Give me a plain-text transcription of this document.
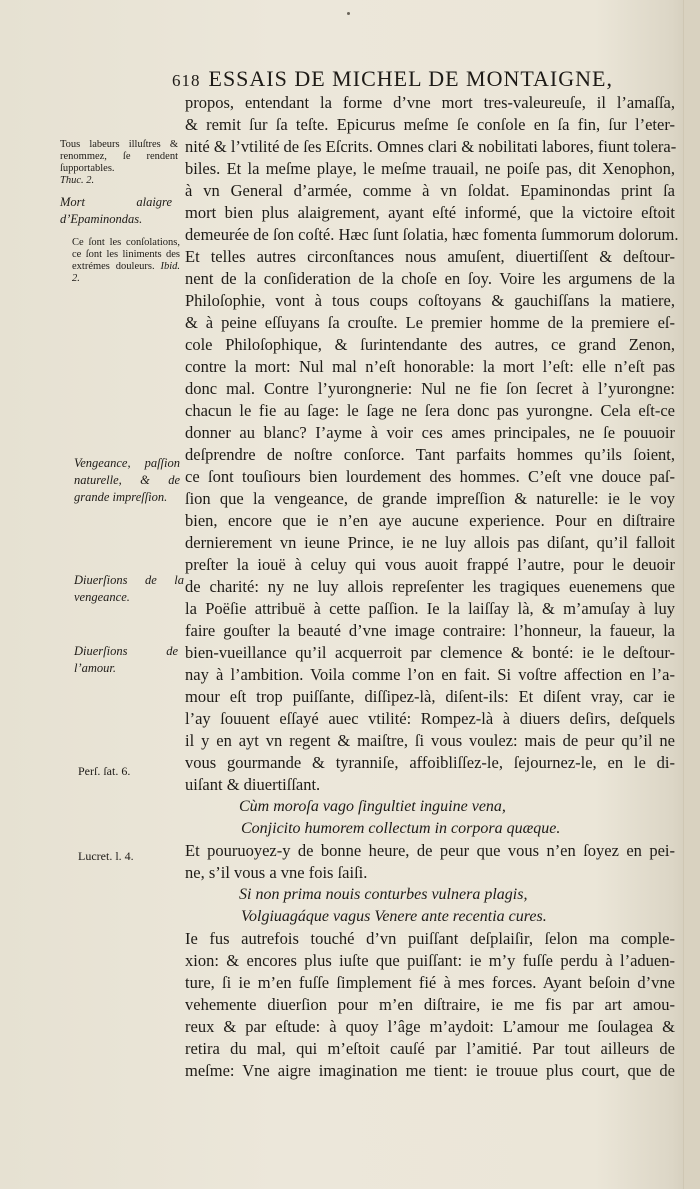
618 ESSAIS DE MICHEL DE MONTAIGNE,
Tous labeurs illuſtres & renommez, ſe rendent ſupportables.
Thuc. 2.
Mort alaigre d’Epaminondas.
Ce ſont les conſolations, ce ſont les liniments des extrémes douleurs. Ibid. 2.
Vengeance, paſſion naturelle, & de grande impreſſion.
Diuerſions de la vengeance.
Diuerſions de l’amour.
Perſ. ſat. 6.
Lucret. l. 4.
propos, entendant la forme d’vne mort tres-valeureuſe, il l’amaſſa,
& remit ſur ſa teſte. Epicurus meſme ſe conſole en ſa fin, ſur l’eter-
nité & l’vtilité de ſes Eſcrits. Omnes clari & nobilitati labores, fiunt tolera-
biles. Et la meſme playe, le meſme trauail, ne poiſe pas, dit Xenophon,
à vn General d’armée, comme à vn ſoldat. Epaminondas print ſa
mort bien plus alaigrement, ayant eſté informé, que la victoire eſtoit
demeurée de ſon coſté. Hæc ſunt ſolatia, hæc fomenta ſummorum dolorum.
Et telles autres circonſtances nous amuſent, diuertiſſent & deſtour-
nent de la conſideration de la choſe en ſoy. Voire les argumens de la
Philoſophie, vont à tous coups coſtoyans & gauchiſſans la matiere,
& à peine eſſuyans ſa crouſte. Le premier homme de la premiere eſ-
cole Philoſophique, & ſurintendante des autres, ce grand Zenon,
contre la mort: Nul mal n’eſt honorable: la mort l’eſt: elle n’eſt pas
donc mal. Contre l’yurongnerie: Nul ne fie ſon ſecret à l’yurongne:
chacun le fie au ſage: le ſage ne ſera donc pas yurongne. Cela eſt-ce
donner au blanc? I’ayme à voir ces ames principales, ne ſe pouuoir
deſprendre de noſtre conſorce. Tant parfaits hommes qu’ils ſoient,
ce ſont touſiours bien lourdement des hommes. C’eſt vne douce paſ-
ſion que la vengeance, de grande impreſſion & naturelle: ie le voy
bien, encore que ie n’en aye aucune experience. Pour en diſtraire
dernierement vn ieune Prince, ie ne luy allois pas diſant, qu’il falloit
preſter la iouë à celuy qui vous auoit frappé l’autre, pour le deuoir
de charité: ny ne luy allois repreſenter les tragiques euenemens que
la Poëſie attribuë à cette paſſion. Ie la laiſſay là, & m’amuſay à luy
faire gouſter la beauté d’vne image contraire: l’honneur, la faueur, la
bien-vueillance qu’il acquerroit par clemence & bonté: ie le deſtour-
nay à l’ambition. Voila comme l’on en fait. Si voſtre affection en l’a-
mour eſt trop puiſſante, diſſipez-là, diſent-ils: Et diſent vray, car ie
l’ay ſouuent eſſayé auec vtilité: Rompez-là à diuers deſirs, deſquels
il y en ayt vn regent & maiſtre, ſi vous voulez: mais de peur qu’il ne
vous gourmande & tyranniſe, affoibliſſez-le, ſejournez-le, en le di-
uiſant & diuertiſſant.
Cùm moroſa vago ſingultiet inguine vena,
Conjicito humorem collectum in corpora quæque.
Et pouruoyez-y de bonne heure, de peur que vous n’en ſoyez en pei-
ne, s’il vous a vne fois ſaiſi.
Si non prima nouis conturbes vulnera plagis,
Volgiuagáque vagus Venere ante recentia cures.
Ie fus autrefois touché d’vn puiſſant deſplaiſir, ſelon ma comple-
xion: & encores plus iuſte que puiſſant: ie m’y fuſſe perdu à l’aduen-
ture, ſi ie m’en fuſſe ſimplement fié à mes forces. Ayant beſoin d’vne
vehemente diuerſion pour m’en diſtraire, ie me fis par art amou-
reux & par eſtude: à quoy l’âge m’aydoit: L’amour me ſoulagea &
retira du mal, qui m’eſtoit cauſé par l’amitié. Par tout ailleurs de
meſme: Vne aigre imagination me tient: ie trouue plus court, que de
